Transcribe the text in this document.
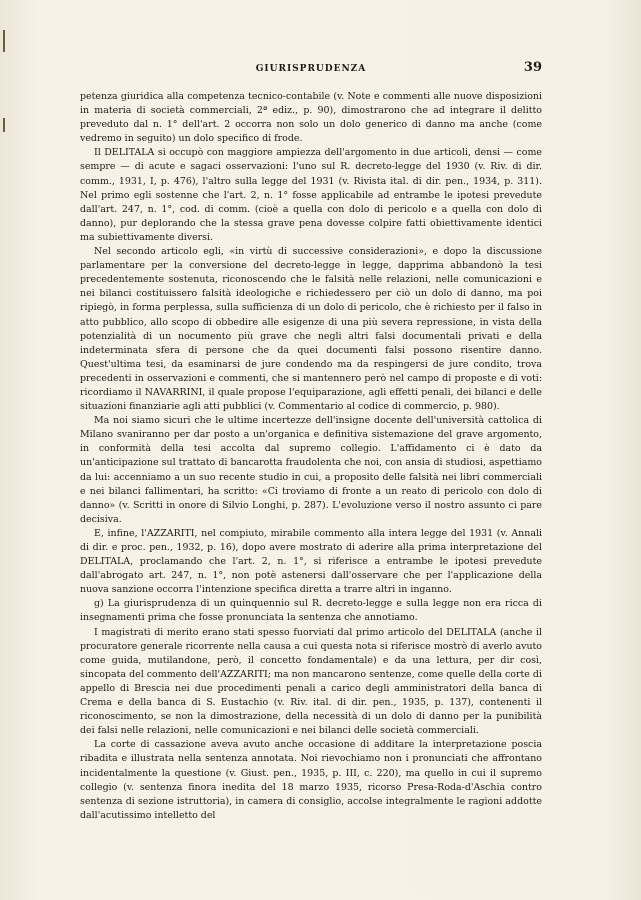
GIURISPRUDENZA	39

petenza giuridica alla competenza tecnico-contabile (v. Note e commenti alle nuove disposizioni in materia di società commerciali, 2ª ediz., p. 90), dimostrarono che ad integrare il delitto preveduto dal n. 1° dell'art. 2 occorra non solo un dolo generico di danno ma anche (come vedremo in seguito) un dolo specifico di frode.

Il DELITALA si occupò con maggiore ampiezza dell'argomento in due articoli, densi — come sempre — di acute e sagaci osservazioni: l'uno sul R. decreto-legge del 1930 (v. Riv. di dir. comm., 1931, I, p. 476), l'altro sulla legge del 1931 (v. Rivista ital. di dir. pen., 1934, p. 311). Nel primo egli sostenne che l'art. 2, n. 1° fosse applicabile ad entrambe le ipotesi prevedute dall'art. 247, n. 1°, cod. di comm. (cioè a quella con dolo di pericolo e a quella con dolo di danno), pur deplorando che la stessa grave pena dovesse colpire fatti obiettivamente identici ma subiettivamente diversi.

Nel secondo articolo egli, «in virtù di successive considerazioni», e dopo la discussione parlamentare per la conversione del decreto-legge in legge, dapprima abbandonò la tesi precedentemente sostenuta, riconoscendo che le falsità nelle relazioni, nelle comunicazioni e nei bilanci costituissero falsità ideologiche e richiedessero per ciò un dolo di danno, ma poi ripiegò, in forma perplessa, sulla sufficienza di un dolo di pericolo, che è richiesto per il falso in atto pubblico, allo scopo di obbedire alle esigenze di una più severa repressione, in vista della potenzialità di un nocumento più grave che negli altri falsi documentali privati e della indeterminata sfera di persone che da quei documenti falsi possono risentire danno. Quest'ultima tesi, da esaminarsi de jure condendo ma da respingersi de jure condito, trova precedenti in osservazioni e commenti, che si mantennero però nel campo di proposte e di voti: ricordiamo il NAVARRINI, il quale propose l'equiparazione, agli effetti penali, dei bilanci e delle situazioni finanziarie agli atti pubblici (v. Commentario al codice di commercio, p. 980).

Ma noi siamo sicuri che le ultime incertezze dell'insigne docente dell'università cattolica di Milano svaniranno per dar posto a un'organica e definitiva sistemazione del grave argomento, in conformità della tesi accolta dal supremo collegio. L'affidamento ci è dato da un'anticipazione sul trattato di bancarotta fraudolenta che noi, con ansia di studiosi, aspettiamo da lui: accenniamo a un suo recente studio in cui, a proposito delle falsità nei libri commerciali e nei bilanci fallimentari, ha scritto: «Ci troviamo di fronte a un reato di pericolo con dolo di danno» (v. Scritti in onore di Silvio Longhi, p. 287). L'evoluzione verso il nostro assunto ci pare decisiva.

E, infine, l'AZZARITI, nel compiuto, mirabile commento alla intera legge del 1931 (v. Annali di dir. e proc. pen., 1932, p. 16), dopo avere mostrato di aderire alla prima interpretazione del DELITALA, proclamando che l'art. 2, n. 1°, si riferisce a entrambe le ipotesi prevedute dall'abrogato art. 247, n. 1°, non potè astenersi dall'osservare che per l'applicazione della nuova sanzione occorra l'intenzione specifica diretta a trarre altri in inganno.

g) La giurisprudenza di un quinquennio sul R. decreto-legge e sulla legge non era ricca di insegnamenti prima che fosse pronunciata la sentenza che annotiamo.

I magistrati di merito erano stati spesso fuorviati dal primo articolo del DELITALA (anche il procuratore generale ricorrente nella causa a cui questa nota si riferisce mostrò di averlo avuto come guida, mutilandone, però, il concetto fondamentale) e da una lettura, per dir così, sincopata del commento dell'AZZARITI; ma non mancarono sentenze, come quelle della corte di appello di Brescia nei due procedimenti penali a carico degli amministratori della banca di Crema e della banca di S. Eustachio (v. Riv. ital. di dir. pen., 1935, p. 137), contenenti il riconoscimento, se non la dimostrazione, della necessità di un dolo di danno per la punibilità dei falsi nelle relazioni, nelle comunicazioni e nei bilanci delle società commerciali.

La corte di cassazione aveva avuto anche occasione di additare la interpretazione poscia ribadita e illustrata nella sentenza annotata. Noi rievochiamo non i pronunciati che affrontano incidentalmente la questione (v. Giust. pen., 1935, p. III, c. 220), ma quello in cui il supremo collegio (v. sentenza finora inedita del 18 marzo 1935, ricorso Presa-Roda-d'Aschia contro sentenza di sezione istruttoria), in camera di consiglio, accolse integralmente le ragioni addotte dall'acutissimo intelletto del
